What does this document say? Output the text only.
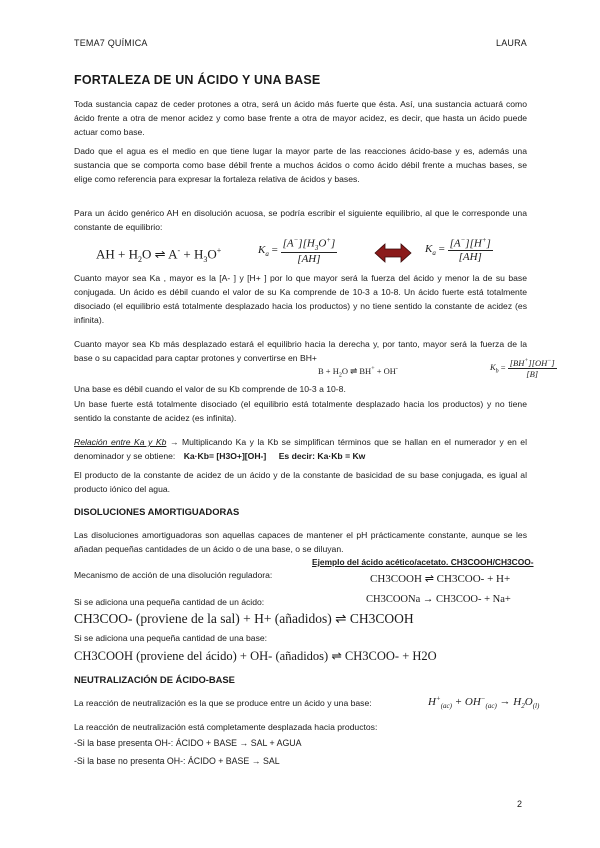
TEMA7 QUÍMICA	LAURA
FORTALEZA DE UN ÁCIDO Y UNA BASE
Toda sustancia capaz de ceder protones a otra, será un ácido más fuerte que ésta. Así, una sustancia actuará como ácido frente a otra de menor acidez y como base frente a otra de mayor acidez, es decir, que hasta un ácido puede actuar como base.
Dado que el agua es el medio en que tiene lugar la mayor parte de las reacciones ácido-base y es, además una sustancia que se comporta como base débil frente a muchos ácidos o como ácido débil frente a muchas bases, se elige como referencia para expresar la fortaleza relativa de ácidos y bases.
Para un ácido genérico AH en disolución acuosa, se podría escribir el siguiente equilibrio, al que le corresponde una constante de equilibrio:
AH + $H_2O$ ⇌ $A^- + H_3O^+$	$K_a = \frac{[A^-][H_3O^+]}{[AH]}$	$K_a = \frac{[A^-][H^+]}{[AH]}$
Cuanto mayor sea Ka , mayor es la [A- ] y [H+ ] por lo que mayor será la fuerza del ácido y menor la de su base conjugada. Un ácido es débil cuando el valor de su Ka comprende de 10-3 a 10-8. Un ácido fuerte está totalmente disociado (el equilibrio está totalmente desplazado hacia los productos) y no tiene sentido la constante de acidez (es infinita).
Cuanto mayor sea Kb más desplazado estará el equilibrio hacia la derecha y, por tanto, mayor será la fuerza de la base o su capacidad para captar protones y convertirse en BH+
$B + H_2O$ ⇌ BH+ + OH-	$K_b = \frac{[BH^+][OH^-]}{[B]}$
Una base es débil cuando el valor de su Kb comprende de 10-3 a 10-8.
Un base fuerte está totalmente disociado (el equilibrio está totalmente desplazado hacia los productos) y no tiene sentido la constante de acidez (es infinita).
Relación entre Ka y Kb → Multiplicando Ka y la Kb se simplifican términos que se hallan en el numerador y en el denominador y se obtiene: Ka·Kb= [H3O+][OH-] Es decir: Ka·Kb = Kw
El producto de la constante de acidez de un ácido y de la constante de basicidad de su base conjugada, es igual al producto iónico del agua.
DISOLUCIONES AMORTIGUADORAS
Las disoluciones amortiguadoras son aquellas capaces de mantener el pH prácticamente constante, aunque se les añadan pequeñas cantidades de un ácido o de una base, o se diluyan.
Ejemplo del ácido acético/acetato. CH3COOH/CH3COO-
Mecanismo de acción de una disolución reguladora:	CH3COOH ⇌ CH3COO- + H+
Si se adiciona una pequeña cantidad de un ácido:	CH3COONa → CH3COO- + Na+
CH3COO- (proviene de la sal) + H+ (añadidos) ⇌ CH3COOH
Si se adiciona una pequeña cantidad de una base:
CH3COOH (proviene del ácido) + OH- (añadidos) ⇌ CH3COO- + H2O
NEUTRALIZACIÓN DE ÁCIDO-BASE
La reacción de neutralización es la que se produce entre un ácido y una base:	$H^+_{(ac)} + OH^-_{(ac)} \to H_2O_{(l)}$
La reacción de neutralización está completamente desplazada hacia productos:
-Si la base presenta OH-: ÁCIDO + BASE → SAL + AGUA
-Si la base no presenta OH-: ÁCIDO + BASE → SAL
2
